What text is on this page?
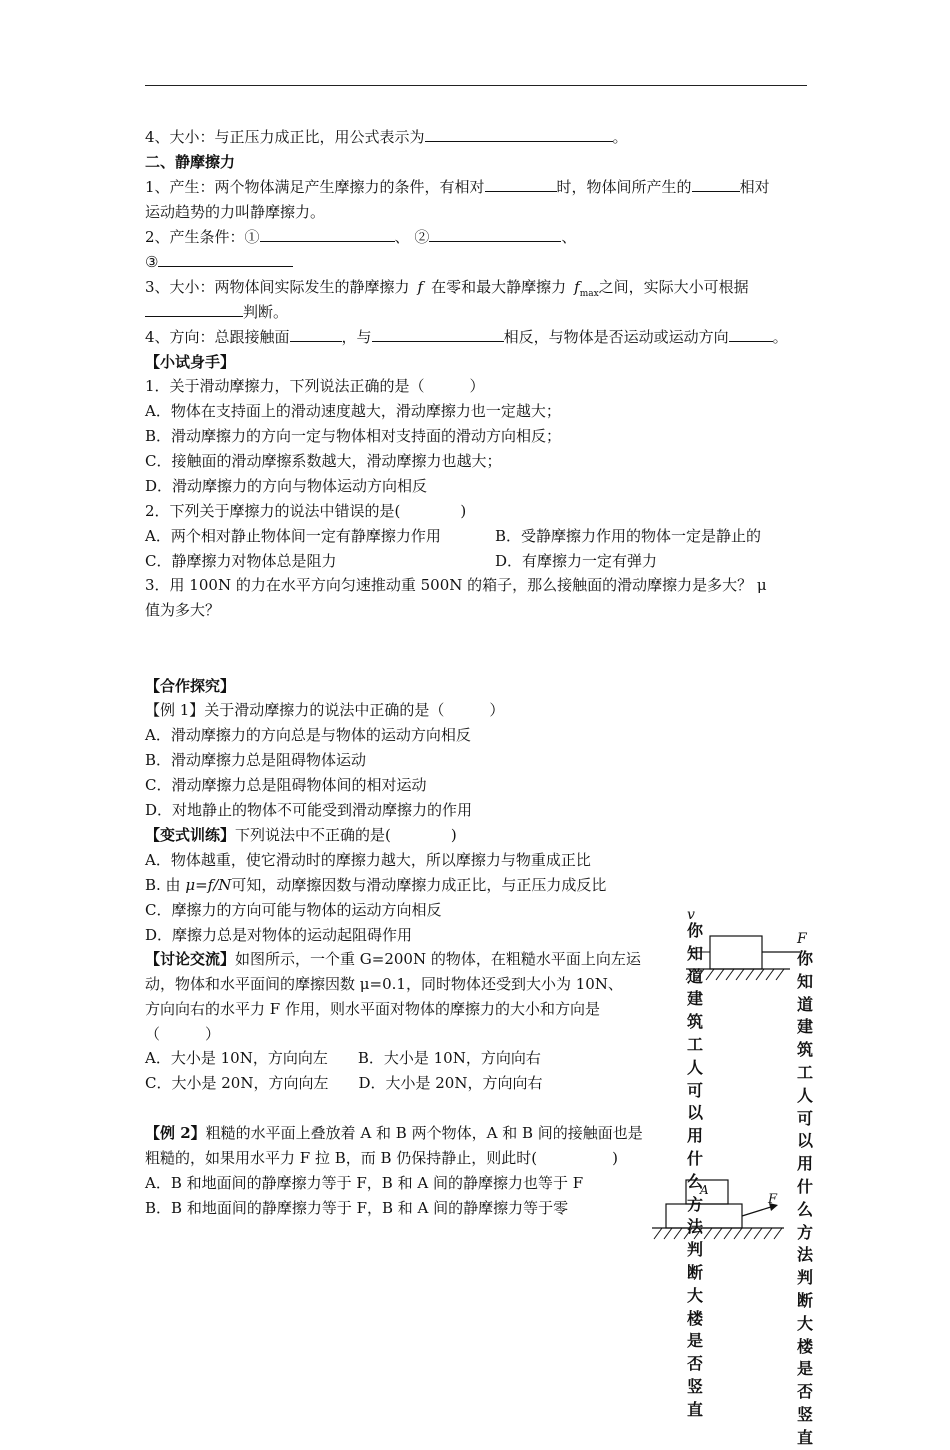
4、大小：与正压力成正比，用公式表示为	。
二、静摩擦力
1、产生：两个物体满足产生摩擦力的条件，有相对	时，物体间所产生的	相对
运动趋势的力叫静摩擦力。
2、产生条件：①	、 ②	、
③
3、大小：两物体间实际发生的静摩擦力 f 在零和最大静摩擦力 $f_{max}$之间，实际大小可根据
判断。
4、方向：总跟接触面	，与	相反，与物体是否运动或运动方向	。
【小试身手】
1．关于滑动摩擦力，下列说法正确的是（　　　）
A．物体在支持面上的滑动速度越大，滑动摩擦力也一定越大；
B．滑动摩擦力的方向一定与物体相对支持面的滑动方向相反；
C．接触面的滑动摩擦系数越大，滑动摩擦力也越大；
D．滑动摩擦力的方向与物体运动方向相反
2．下列关于摩擦力的说法中错误的是(　　　　)
A．两个相对静止物体间一定有静摩擦力作用	B．受静摩擦力作用的物体一定是静止的
C．静摩擦力对物体总是阻力	D．有摩擦力一定有弹力
3．用 100N 的力在水平方向匀速推动重 500N 的箱子，那么接触面的滑动摩擦力是多大？ μ
值为多大？
【合作探究】
【例 1】关于滑动摩擦力的说法中正确的是（　　　）
A．滑动摩擦力的方向总是与物体的运动方向相反
B．滑动摩擦力总是阻碍物体运动
C．滑动摩擦力总是阻碍物体间的相对运动
D．对地静止的物体不可能受到滑动摩擦力的作用
【变式训练】下列说法中不正确的是(　　　　)
A．物体越重，使它滑动时的摩擦力越大，所以摩擦力与物重成正比
B. 由 μ=f/N可知，动摩擦因数与滑动摩擦力成正比，与正压力成反比
C．摩擦力的方向可能与物体的运动方向相反
D．摩擦力总是对物体的运动起阻碍作用
【讨论交流】如图所示，一个重 G=200N 的物体，在粗糙水平面上向左运
动，物体和水平面间的摩擦因数 μ=0.1，同时物体还受到大小为 10N、
方向向右的水平力 F 作用，则水平面对物体的摩擦力的大小和方向是
（　　　）
A．大小是 10N，方向向左　　B．大小是 10N，方向向右
C．大小是 20N，方向向左　　D．大小是 20N，方向向右
【例 2】粗糙的水平面上叠放着 A 和 B 两个物体，A 和 B 间的接触面也是
粗糙的，如果用水平力 F 拉 B，而 B 仍保持静止，则此时(　　　　　)
A．B 和地面间的静摩擦力等于 F，B 和 A 间的静摩擦力也等于 F
B．B 和地面间的静摩擦力等于 F，B 和 A 间的静摩擦力等于零
v
F
A
F
你知道建筑工人可以用什么方法判断大楼是否竖直
你知道建筑工人可以用什么方法判断大楼是否竖直
